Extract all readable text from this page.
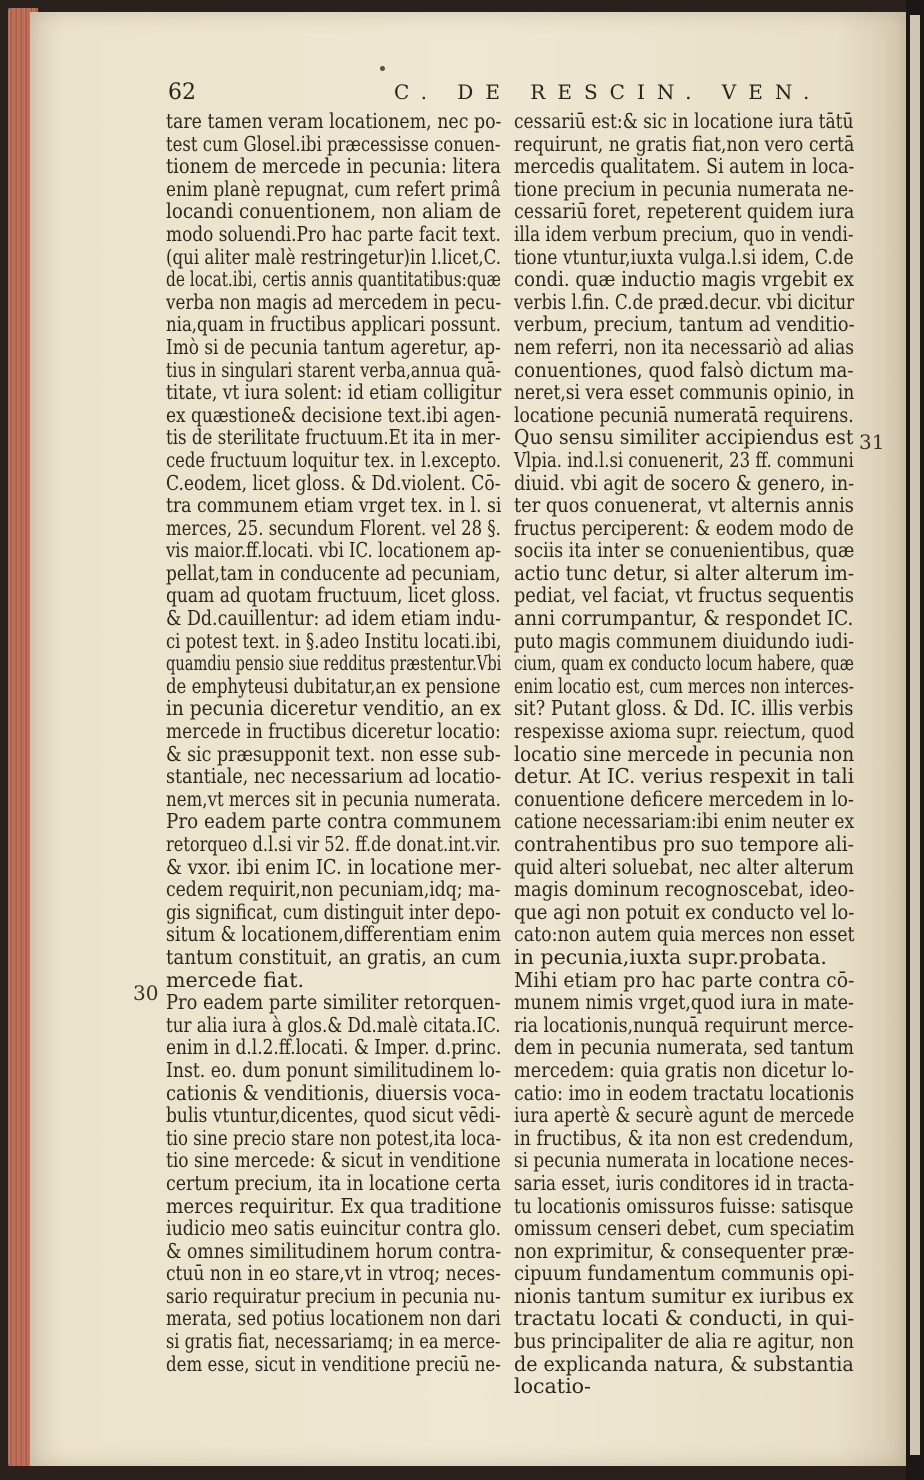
62	C. DE RESCIN. VEN.
tare tamen veram locationem, nec po-
test cum Glosel.ibi præcessisse conuen-
tionem de mercede in pecunia: litera
enim planè repugnat, cum refert primâ
locandi conuentionem, non aliam de
modo soluendi.Pro hac parte facit text.
(qui aliter malè restringetur)in l.licet,C.
de locat.ibi, certis annis quantitatibus:quæ
verba non magis ad mercedem in pecu-
nia,quam in fructibus applicari possunt.
Imò si de pecunia tantum ageretur, ap-
tius in singulari starent verba,annua quā-
titate, vt iura solent: id etiam colligitur
ex quæstione& decisione text.ibi agen-
tis de sterilitate fructuum.Et ita in mer-
cede fructuum loquitur tex. in l.excepto.
C.eodem, licet gloss. & Dd.violent. Cō-
tra communem etiam vrget tex. in l. si
merces, 25. secundum Florent. vel 28 §.
vis maior.ff.locati. vbi IC. locationem ap-
pellat,tam in conducente ad pecuniam,
quam ad quotam fructuum, licet gloss.
& Dd.cauillentur: ad idem etiam indu-
ci potest text. in §.adeo Institu locati.ibi,
quamdiu pensio siue redditus præstentur.Vbi
de emphyteusi dubitatur,an ex pensione
in pecunia diceretur venditio, an ex
mercede in fructibus diceretur locatio:
& sic præsupponit text. non esse sub-
stantiale, nec necessarium ad locatio-
nem,vt merces sit in pecunia numerata.
Pro eadem parte contra communem
retorqueo d.l.si vir 52. ff.de donat.int.vir.
& vxor. ibi enim IC. in locatione mer-
cedem requirit,non pecuniam,idq; ma-
gis significat, cum distinguit inter depo-
situm & locationem,differentiam enim
tantum constituit, an gratis, an cum
mercede fiat.
Pro eadem parte similiter retorquen-
tur alia iura à glos.& Dd.malè citata.IC.
enim in d.l.2.ff.locati. & Imper. d.princ.
Inst. eo. dum ponunt similitudinem lo-
cationis & venditionis, diuersis voca-
bulis vtuntur,dicentes, quod sicut vēdi-
tio sine precio stare non potest,ita loca-
tio sine mercede: & sicut in venditione
certum precium, ita in locatione certa
merces requiritur. Ex qua traditione
iudicio meo satis euincitur contra glo.
& omnes similitudinem horum contra-
ctuū non in eo stare,vt in vtroq; neces-
sario requiratur precium in pecunia nu-
merata, sed potius locationem non dari
si gratis fiat, necessariamq; in ea merce-
dem esse, sicut in venditione preciū ne-
cessariū est:& sic in locatione iura tātū
requirunt, ne gratis fiat,non vero certā
mercedis qualitatem. Si autem in loca-
tione precium in pecunia numerata ne-
cessariū foret, repeterent quidem iura
illa idem verbum precium, quo in vendi-
tione vtuntur,iuxta vulga.l.si idem, C.de
condi. quæ inductio magis vrgebit ex
verbis l.fin. C.de præd.decur. vbi dicitur
verbum, precium, tantum ad venditio-
nem referri, non ita necessariò ad alias
conuentiones, quod falsò dictum ma-
neret,si vera esset communis opinio, in
locatione pecuniā numeratā requirens.
Quo sensu similiter accipiendus est
Vlpia. ind.l.si conuenerit, 23 ff. communi
diuid. vbi agit de socero & genero, in-
ter quos conuenerat, vt alternis annis
fructus perciperent: & eodem modo de
sociis ita inter se conuenientibus, quæ
actio tunc detur, si alter alterum im-
pediat, vel faciat, vt fructus sequentis
anni corrumpantur, & respondet IC.
puto magis communem diuidundo iudi-
cium, quam ex conducto locum habere, quæ
enim locatio est, cum merces non interces-
sit? Putant gloss. & Dd. IC. illis verbis
respexisse axioma supr. reiectum, quod
locatio sine mercede in pecunia non
detur. At IC. verius respexit in tali
conuentione deficere mercedem in lo-
catione necessariam:ibi enim neuter ex
contrahentibus pro suo tempore ali-
quid alteri soluebat, nec alter alterum
magis dominum recognoscebat, ideo-
que agi non potuit ex conducto vel lo-
cato:non autem quia merces non esset
in pecunia,iuxta supr.probata.
Mihi etiam pro hac parte contra cō-
munem nimis vrget,quod iura in mate-
ria locationis,nunquā requirunt merce-
dem in pecunia numerata, sed tantum
mercedem: quia gratis non dicetur lo-
catio: imo in eodem tractatu locationis
iura apertè & securè agunt de mercede
in fructibus, & ita non est credendum,
si pecunia numerata in locatione neces-
saria esset, iuris conditores id in tracta-
tu locationis omissuros fuisse: satisque
omissum censeri debet, cum speciatim
non exprimitur, & consequenter præ-
cipuum fundamentum communis opi-
nionis tantum sumitur ex iuribus ex
tractatu locati & conducti, in qui-
bus principaliter de alia re agitur, non
de explicanda natura, & substantia
locatio-
31
30
